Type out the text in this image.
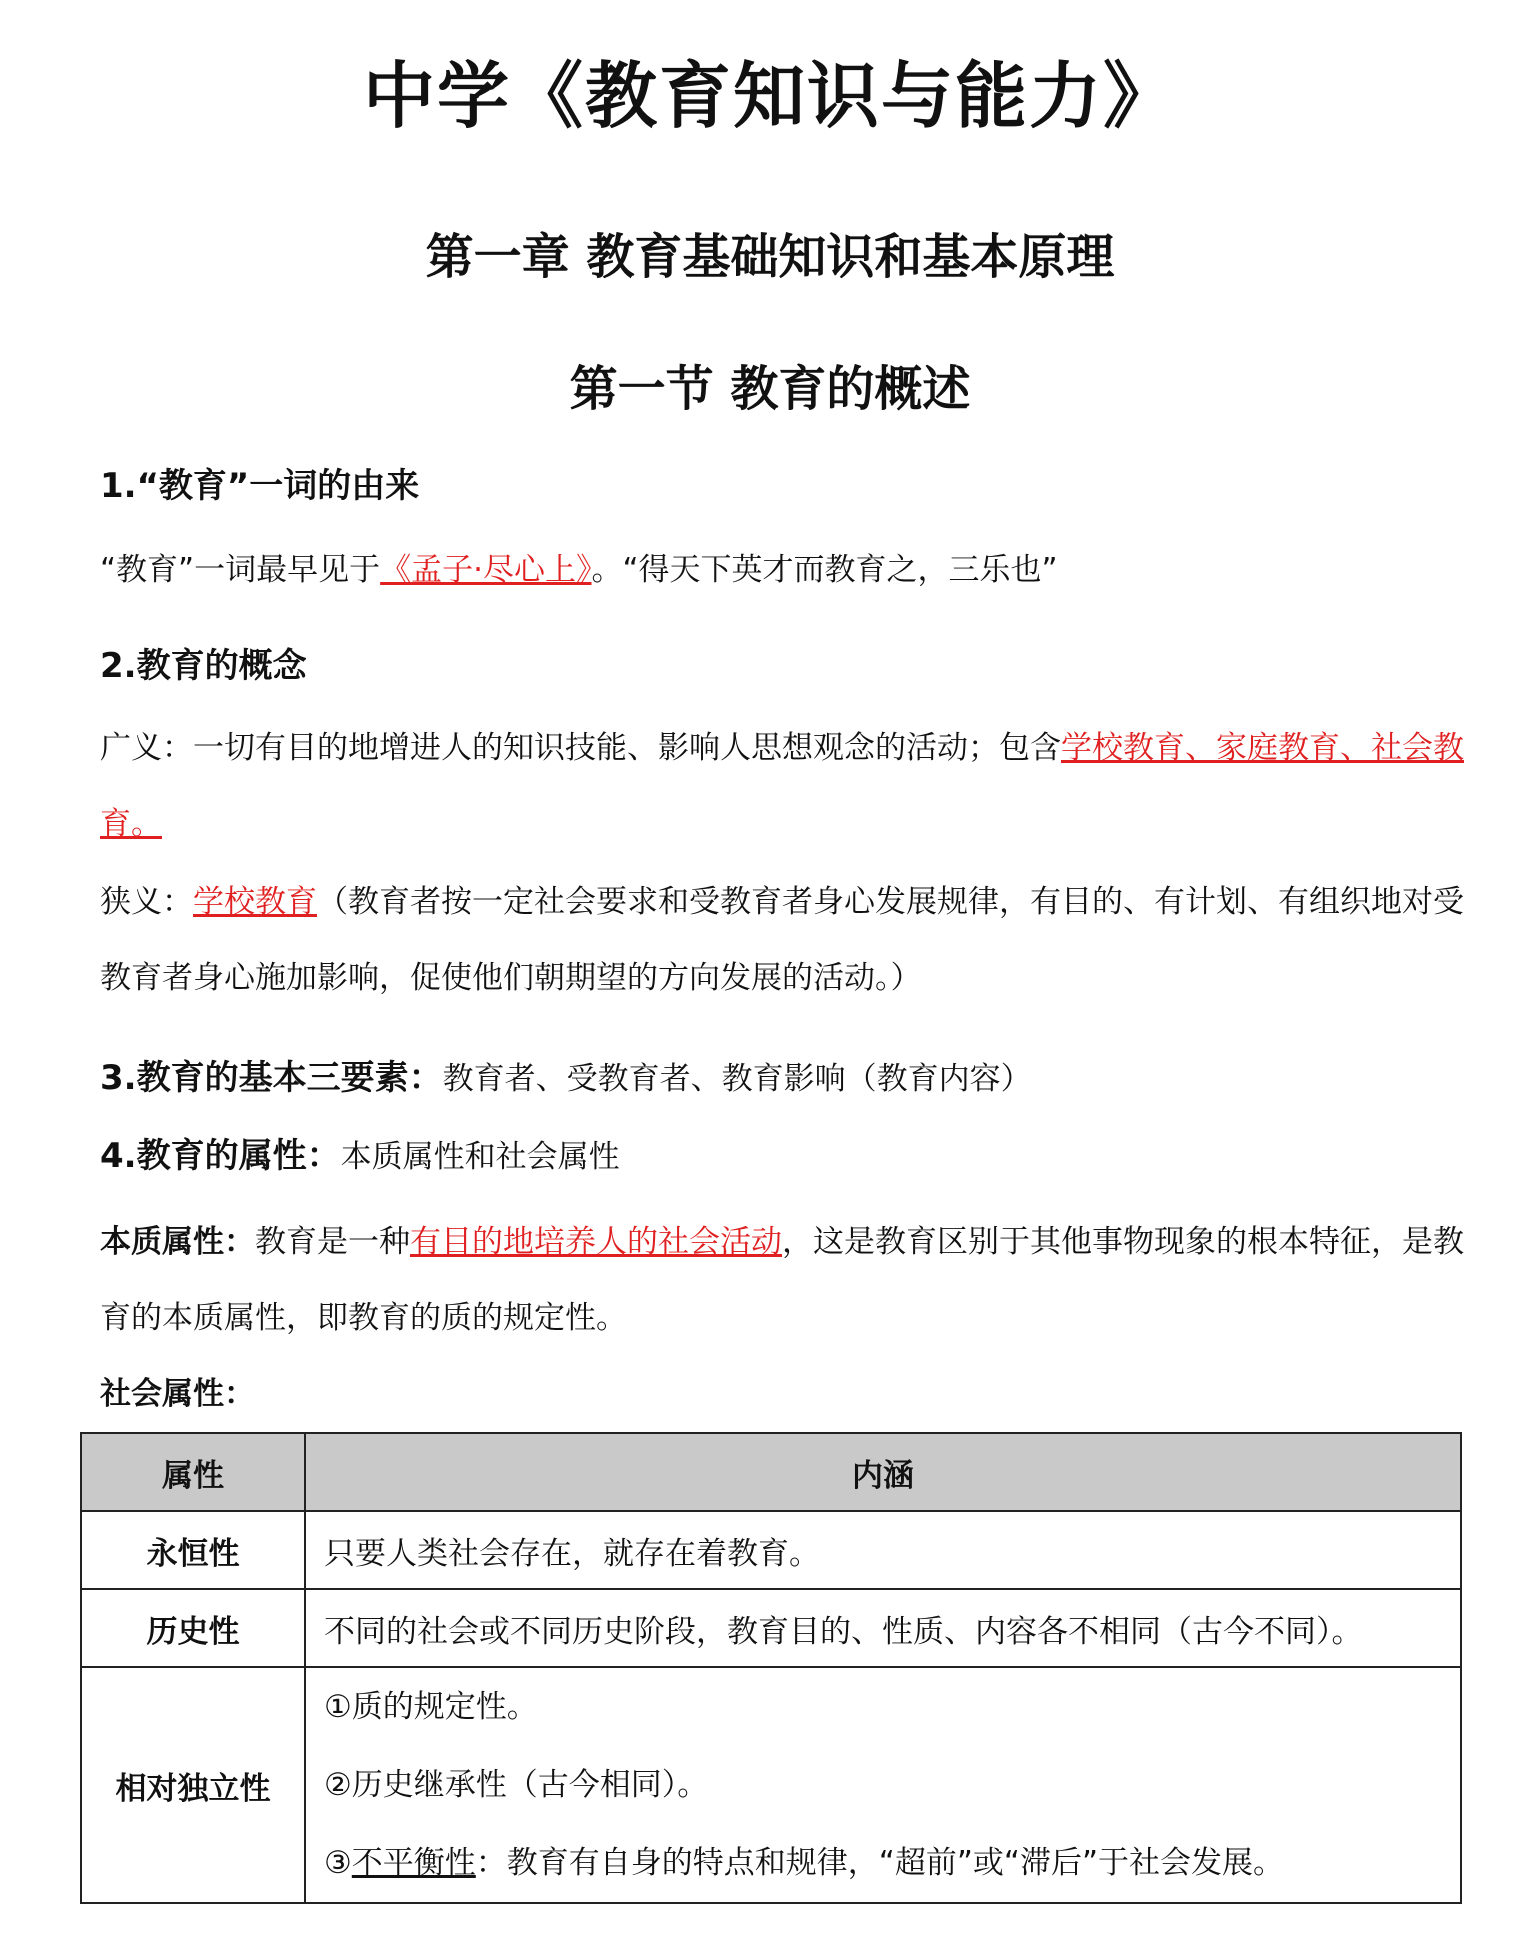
中学《教育知识与能力》
第一章 教育基础知识和基本原理
第一节 教育的概述
1.“教育”一词的由来
“教育”一词最早见于《孟子·尽心上》。“得天下英才而教育之，三乐也”
2.教育的概念
广义：一切有目的地增进人的知识技能、影响人思想观念的活动；包含学校教育、家庭教育、社会教育。
狭义：学校教育（教育者按一定社会要求和受教育者身心发展规律，有目的、有计划、有组织地对受教育者身心施加影响，促使他们朝期望的方向发展的活动。）
3.教育的基本三要素：教育者、受教育者、教育影响（教育内容）
4.教育的属性：本质属性和社会属性
本质属性：教育是一种有目的地培养人的社会活动，这是教育区别于其他事物现象的根本特征，是教育的本质属性，即教育的质的规定性。
社会属性：
属性	内涵
永恒性	只要人类社会存在，就存在着教育。
历史性	不同的社会或不同历史阶段，教育目的、性质、内容各不相同（古今不同）。
相对独立性	①质的规定性。
②历史继承性（古今相同）。
③不平衡性：教育有自身的特点和规律，“超前”或“滞后”于社会发展。
